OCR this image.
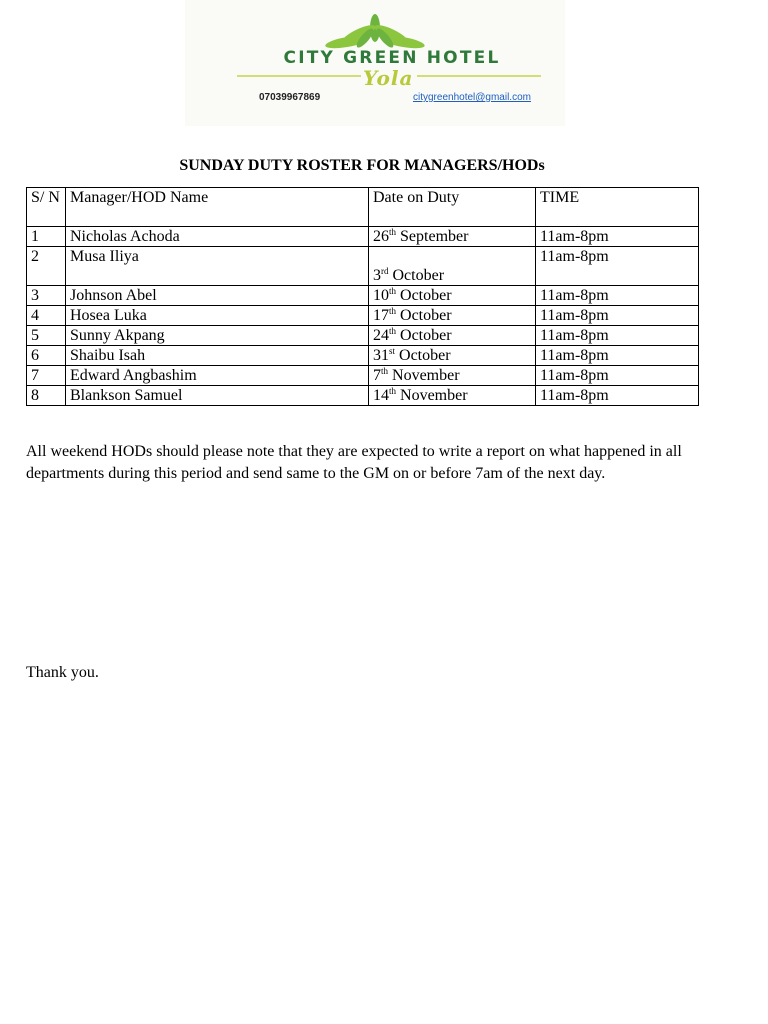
CITY GREEN HOTEL
Yola
07039967869	citygreenhotel@gmail.com
SUNDAY DUTY ROSTER FOR MANAGERS/HODs
S/ N	Manager/HOD Name	Date on Duty	TIME
1	Nicholas Achoda	26th September	11am-8pm
2	Musa Iliya	3rd October	11am-8pm
3	Johnson Abel	10th October	11am-8pm
4	Hosea Luka	17th October	11am-8pm
5	Sunny Akpang	24th October	11am-8pm
6	Shaibu Isah	31st October	11am-8pm
7	Edward Angbashim	7th November	11am-8pm
8	Blankson Samuel	14th November	11am-8pm

All weekend HODs should please note that they are expected to write a report on what happened in all departments during this period and send same to the GM on or before 7am of the next day.

Thank you.
